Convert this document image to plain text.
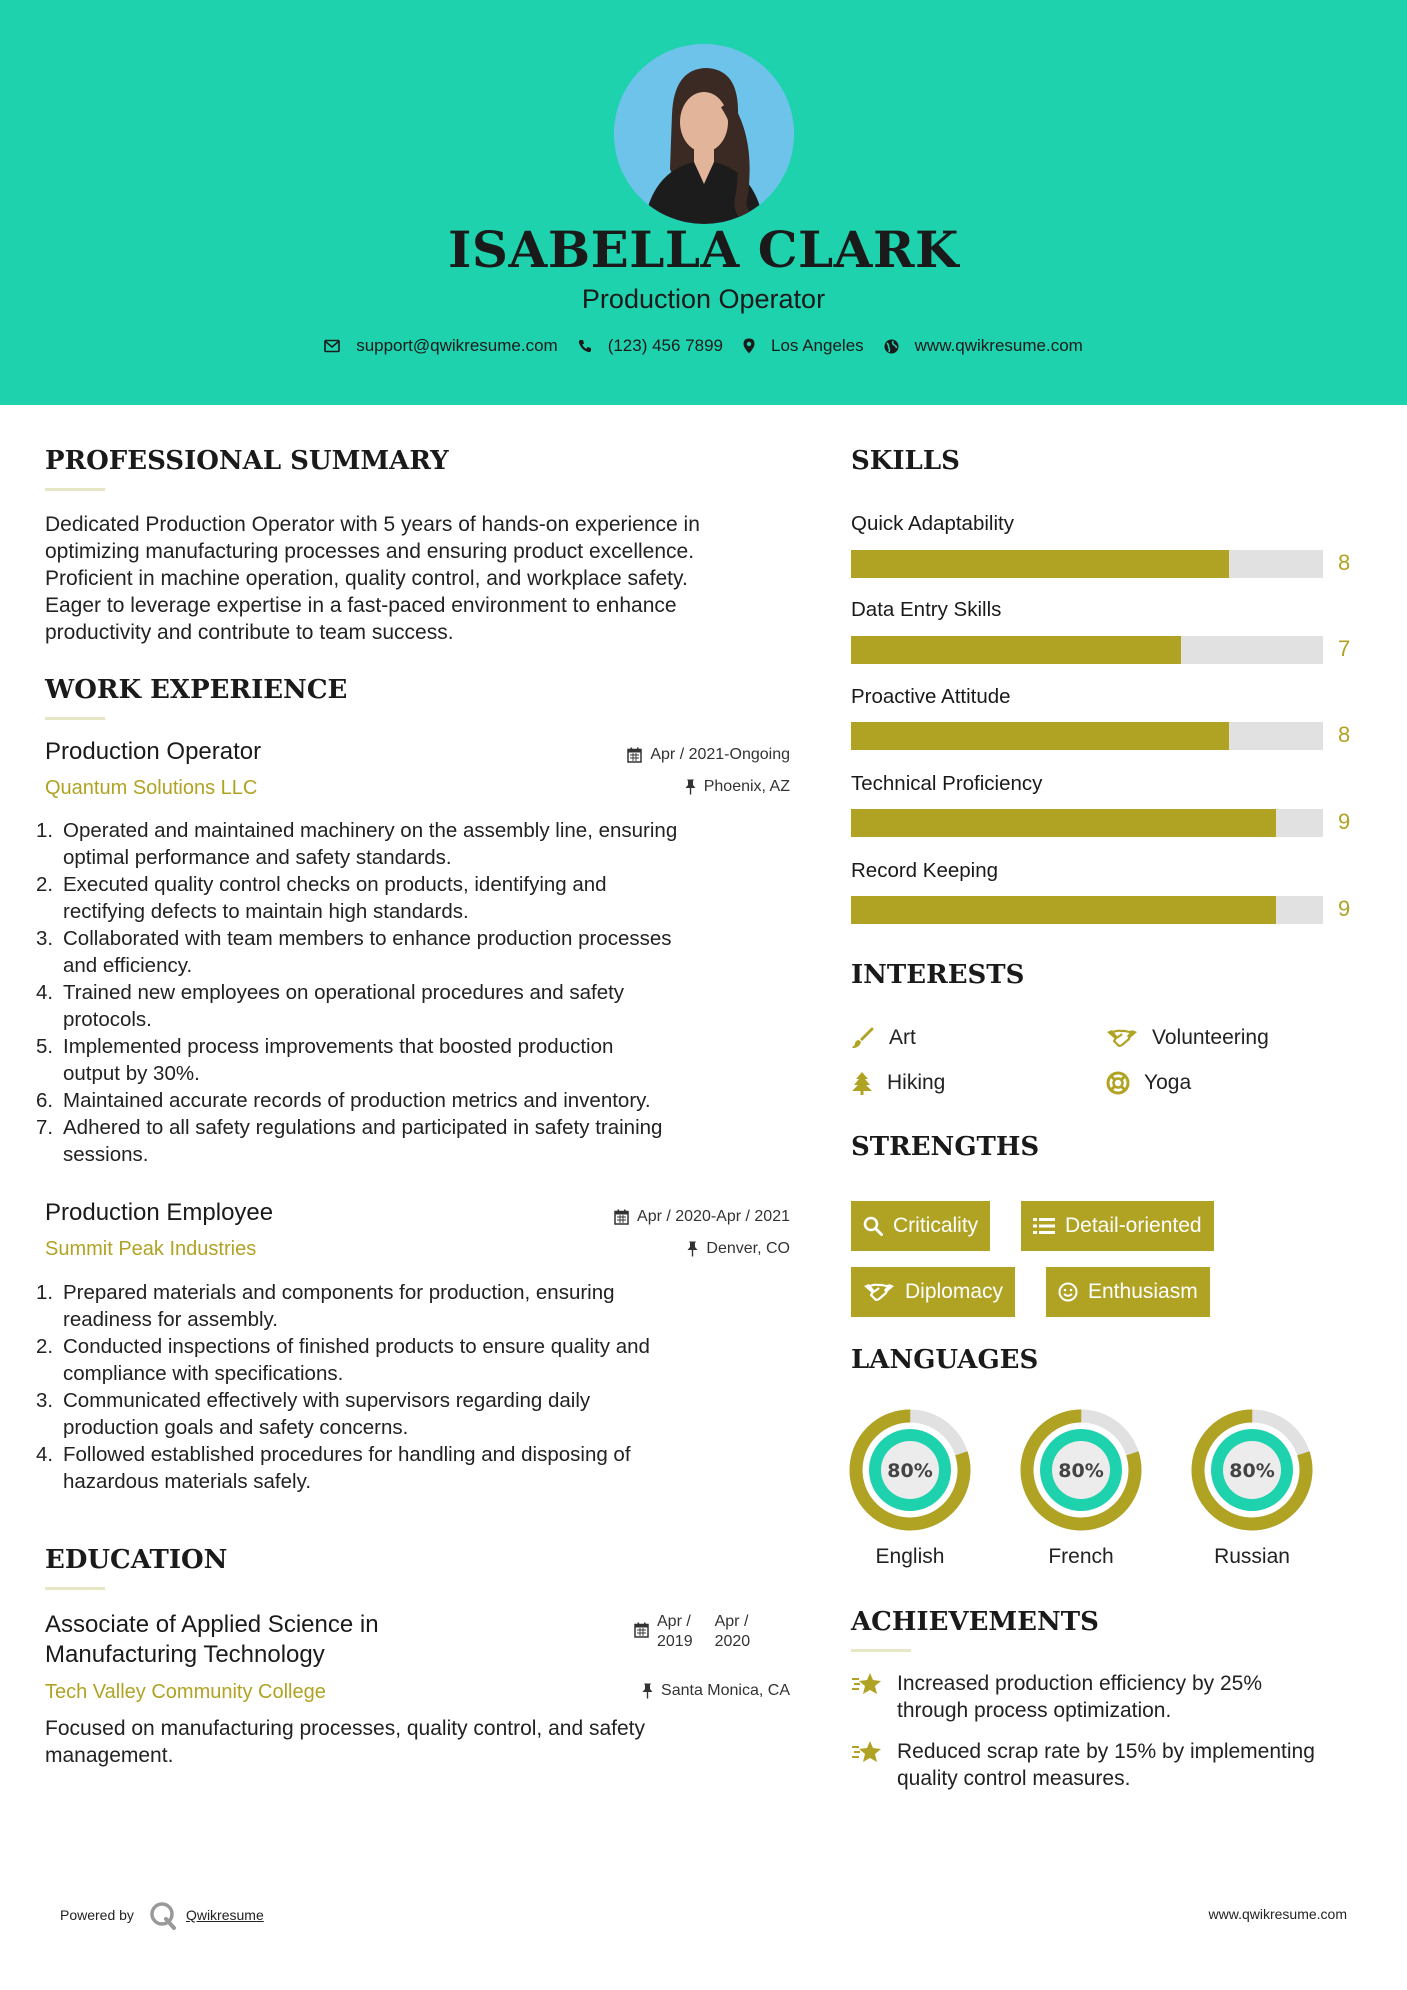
ISABELLA CLARK
Production Operator
support@qwikresume.com	(123) 456 7899	Los Angeles	www.qwikresume.com
PROFESSIONAL SUMMARY
Dedicated Production Operator with 5 years of hands-on experience in
optimizing manufacturing processes and ensuring product excellence.
Proficient in machine operation, quality control, and workplace safety.
Eager to leverage expertise in a fast-paced environment to enhance
productivity and contribute to team success.
WORK EXPERIENCE
Production Operator
Quantum Solutions LLC
Apr / 2021-Ongoing
Phoenix, AZ
1. Operated and maintained machinery on the assembly line, ensuring
optimal performance and safety standards.
2. Executed quality control checks on products, identifying and
rectifying defects to maintain high standards.
3. Collaborated with team members to enhance production processes
and efficiency.
4. Trained new employees on operational procedures and safety
protocols.
5. Implemented process improvements that boosted production
output by 30%.
6. Maintained accurate records of production metrics and inventory.
7. Adhered to all safety regulations and participated in safety training
sessions.
Production Employee
Summit Peak Industries
Apr / 2020-Apr / 2021
Denver, CO
1. Prepared materials and components for production, ensuring
readiness for assembly.
2. Conducted inspections of finished products to ensure quality and
compliance with specifications.
3. Communicated effectively with supervisors regarding daily
production goals and safety concerns.
4. Followed established procedures for handling and disposing of
hazardous materials safely.
EDUCATION
Associate of Applied Science in
Manufacturing Technology
Tech Valley Community College
Apr /
2019
Apr /
2020
Santa Monica, CA
Focused on manufacturing processes, quality control, and safety
management.
SKILLS
Quick Adaptability
8
Data Entry Skills
7
Proactive Attitude
8
Technical Proficiency
9
Record Keeping
9
INTERESTS
Art	Volunteering
Hiking	Yoga
STRENGTHS
Criticality	Detail-oriented
Diplomacy	Enthusiasm
LANGUAGES
80%
English
80%
French
80%
Russian
ACHIEVEMENTS
Increased production efficiency by 25%
through process optimization.
Reduced scrap rate by 15% by implementing
quality control measures.
Powered by	Qwikresume	www.qwikresume.com
